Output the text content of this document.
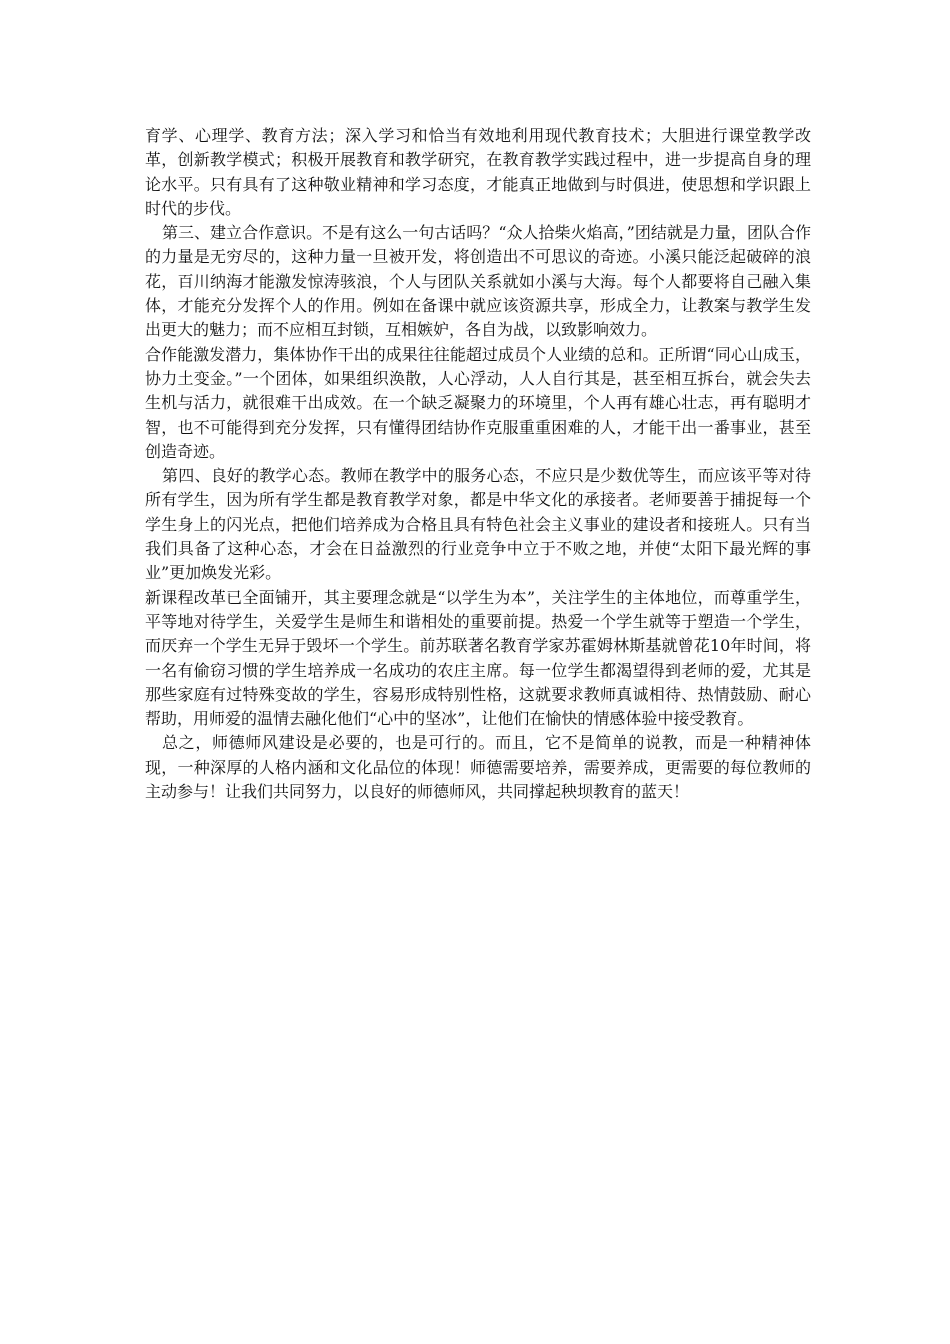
育学、心理学、教育方法；深入学习和恰当有效地利用现代教育技术；大胆进行课堂教学改革，创新教学模式；积极开展教育和教学研究，在教育教学实践过程中，进一步提高自身的理论水平。只有具有了这种敬业精神和学习态度，才能真正地做到与时俱进，使思想和学识跟上时代的步伐。

第三、建立合作意识。不是有这么一句古话吗？“众人拾柴火焰高，”团结就是力量，团队合作的力量是无穷尽的，这种力量一旦被开发，将创造出不可思议的奇迹。小溪只能泛起破碎的浪花，百川纳海才能激发惊涛骇浪，个人与团队关系就如小溪与大海。每个人都要将自己融入集体，才能充分发挥个人的作用。例如在备课中就应该资源共享，形成全力，让教案与教学生发出更大的魅力；而不应相互封锁，互相嫉妒，各自为战，以致影响效力。

合作能激发潜力，集体协作干出的成果往往能超过成员个人业绩的总和。正所谓“同心山成玉，协力土变金。”一个团体，如果组织涣散，人心浮动，人人自行其是，甚至相互拆台，就会失去生机与活力，就很难干出成效。在一个缺乏凝聚力的环境里，个人再有雄心壮志，再有聪明才智，也不可能得到充分发挥，只有懂得团结协作克服重重困难的人，才能干出一番事业，甚至创造奇迹。

第四、良好的教学心态。教师在教学中的服务心态，不应只是少数优等生，而应该平等对待所有学生，因为所有学生都是教育教学对象，都是中华文化的承接者。老师要善于捕捉每一个学生身上的闪光点，把他们培养成为合格且具有特色社会主义事业的建设者和接班人。只有当我们具备了这种心态，才会在日益激烈的行业竞争中立于不败之地，并使“太阳下最光辉的事业”更加焕发光彩。

新课程改革已全面铺开，其主要理念就是“以学生为本”，关注学生的主体地位，而尊重学生，平等地对待学生，关爱学生是师生和谐相处的重要前提。热爱一个学生就等于塑造一个学生，而厌弃一个学生无异于毁坏一个学生。前苏联著名教育学家苏霍姆林斯基就曾花10年时间，将一名有偷窃习惯的学生培养成一名成功的农庄主席。每一位学生都渴望得到老师的爱，尤其是那些家庭有过特殊变故的学生，容易形成特别性格，这就要求教师真诚相待、热情鼓励、耐心帮助，用师爱的温情去融化他们“心中的坚冰”，让他们在愉快的情感体验中接受教育。

总之，师德师风建设是必要的，也是可行的。而且，它不是简单的说教，而是一种精神体现，一种深厚的人格内涵和文化品位的体现！师德需要培养，需要养成，更需要的每位教师的主动参与！让我们共同努力，以良好的师德师风，共同撑起秧坝教育的蓝天！
